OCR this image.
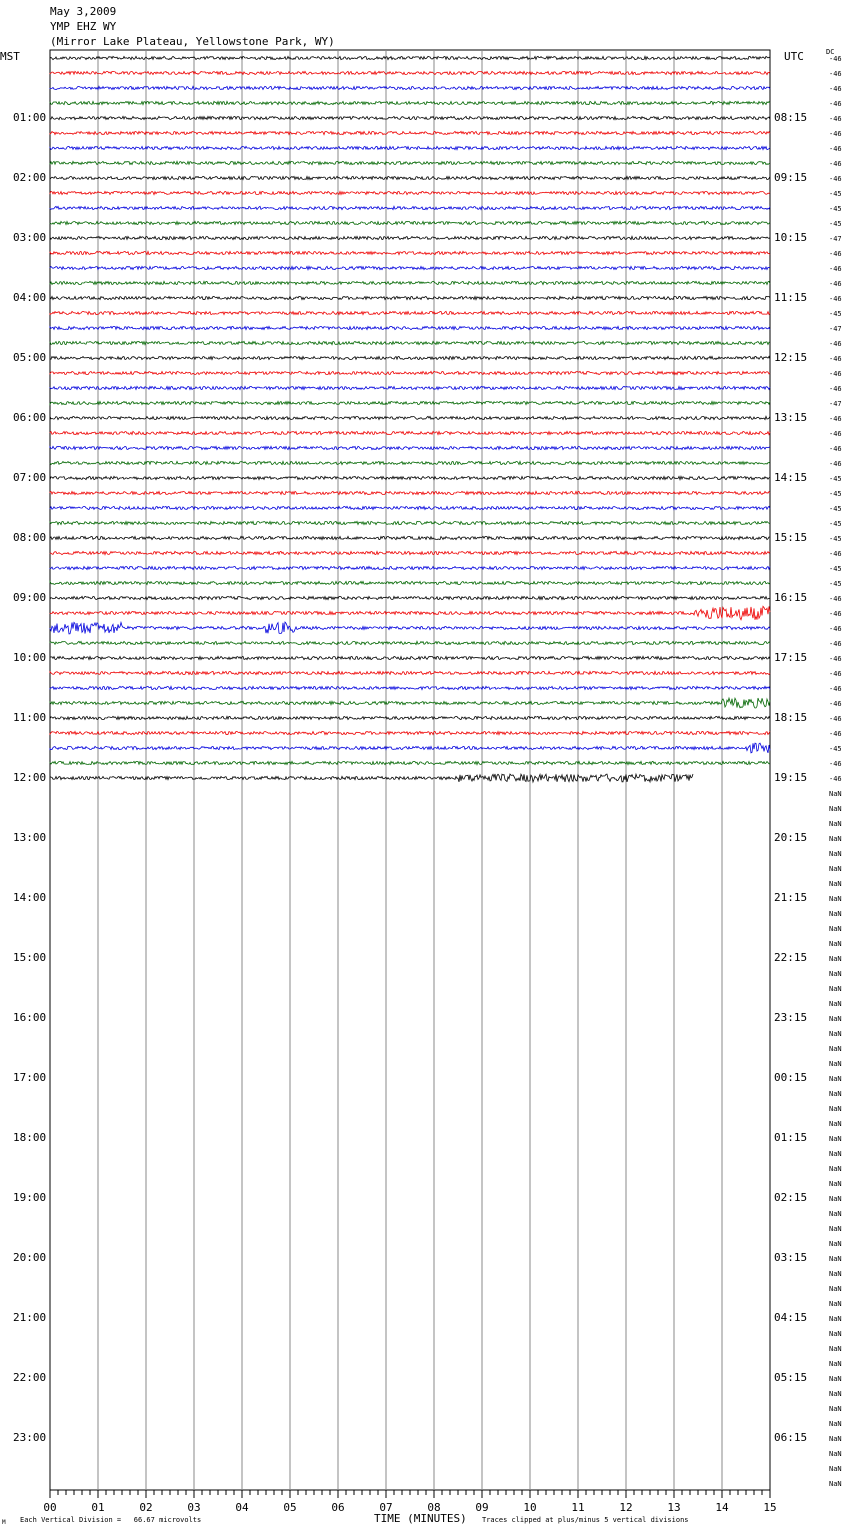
May 3,2009
YMP EHZ WY
(Mirror Lake Plateau, Yellowstone Park, WY)
MST	UTC	DC
01:00
02:00
03:00
04:00
05:00
06:00
07:00
08:00
09:00
10:00
11:00
12:00
13:00
14:00
15:00
16:00
17:00
18:00
19:00
20:00
21:00
22:00
23:00
08:15
09:15
10:15
11:15
12:15
13:15
14:15
15:15
16:15
17:15
18:15
19:15
20:15
21:15
22:15
23:15
00:15
01:15
02:15
03:15
04:15
05:15
06:15
-46
-46
-46
-46
-46
-46
-46
-46
-46
-45
-45
-45
-47
-46
-46
-46
-46
-45
-47
-46
-46
-46
-46
-47
-46
-46
-46
-46
-45
-45
-45
-45
-45
-46
-45
-45
-46
-46
-46
-46
-46
-46
-46
-46
-46
-46
-45
-46
-46
NaN
NaN
NaN
NaN
NaN
NaN
NaN
NaN
NaN
NaN
NaN
NaN
NaN
NaN
NaN
NaN
NaN
NaN
NaN
NaN
NaN
NaN
NaN
NaN
NaN
NaN
NaN
NaN
NaN
NaN
NaN
NaN
NaN
NaN
NaN
NaN
NaN
NaN
NaN
NaN
NaN
NaN
NaN
NaN
NaN
NaN
NaN
00	01	02	03	04	05	06	07	08	09	10	11	12	13	14	15
TIME (MINUTES)
Each Vertical Division =   66.67 microvolts	Traces clipped at plus/minus 5 vertical divisions
M
